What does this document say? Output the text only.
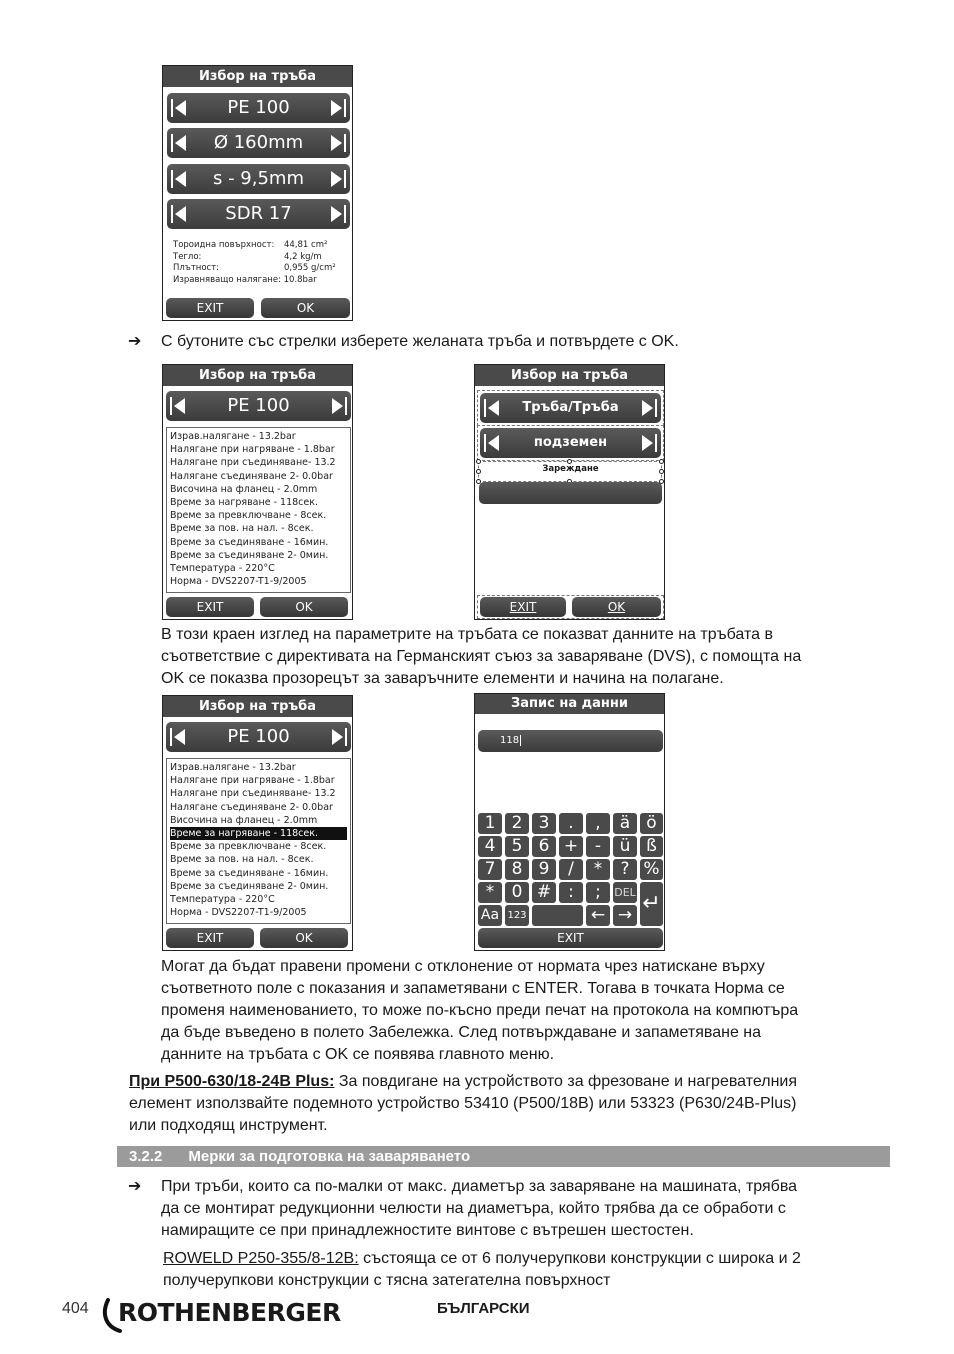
Избор на тръба
PE 100
Ø 160mm
s - 9,5mm
SDR 17
Тороидна повърхност: 44,81 cm²
Тегло:	4,2 kg/m
Плътност:	0,955 g/cm²
Изравняващо налягане: 10.8bar
EXIT	OK
➔ С бутоните със стрелки изберете желаната тръба и потвърдете с OK.
Избор на тръба
PE 100
Израв.налягане - 13.2bar
Налягане при нагряване - 1.8bar
Налягане при съединяване- 13.2
Налягане съединяване 2- 0.0bar
Височина на фланец - 2.0mm
Време за нагряване - 118сек.
Време за превключване - 8сек.
Време за пов. на нал. - 8сек.
Време за съединяване - 16мин.
Време за съединяване 2- 0мин.
Температура - 220°C
Норма - DVS2207-T1-9/2005
EXIT	OK
Избор на тръба
Тръба/Тръба
подземен
Зареждане
EXIT	OK
В този краен изглед на параметрите на тръбата се показват данните на тръбата в
съответствие с директивата на Германският съюз за заваряване (DVS), с помощта на
OK се показва прозорецът за заваръчните елементи и начина на полагане.
Избор на тръба
PE 100
Израв.налягане - 13.2bar
Налягане при нагряване - 1.8bar
Налягане при съединяване- 13.2
Налягане съединяване 2- 0.0bar
Височина на фланец - 2.0mm
Време за нагряване - 118сек.
Време за превключване - 8сек.
Време за пов. на нал. - 8сек.
Време за съединяване - 16мин.
Време за съединяване 2- 0мин.
Температура - 220°C
Норма - DVS2207-T1-9/2005
EXIT	OK
Запис на данни
118
1 2 3	.	,	ä ö
4 5 6 + -	ü ß
7 8 9	/	*	? %
*	0 #	:	;	DEL ↵
Aa 123	← →
EXIT
Могат да бъдат правени промени с отклонение от нормата чрез натискане върху
съответното поле с показания и запаметявани с ENTER. Тогава в точката Норма се
променя наименованието, то може по-късно преди печат на протокола на компютъра
да бъде въведено в полето Забележка. След потвърждаване и запаметяване на
данните на тръбата с OK се появява главното меню.
При P500-630/18-24B Plus: За повдигане на устройството за фрезоване и нагревателния
елемент използвайте подемното устройство 53410 (P500/18B) или 53323 (P630/24B-Plus)
или подходящ инструмент.
3.2.2 Мерки за подготовка на заваряването
➔ При тръби, които са по-малки от макс. диаметър за заваряване на машината, трябва
да се монтират редукционни челюсти на диаметъра, който трябва да се обработи с
намиращите се при принадлежностите винтове с вътрешен шестостен.
ROWELD P250-355/8-12B: състояща се от 6 получерупкови конструкции с широка и 2
получерупкови конструкции с тясна затегателна повърхност
404 ROTHENBERGER	БЪЛГАРСКИ
